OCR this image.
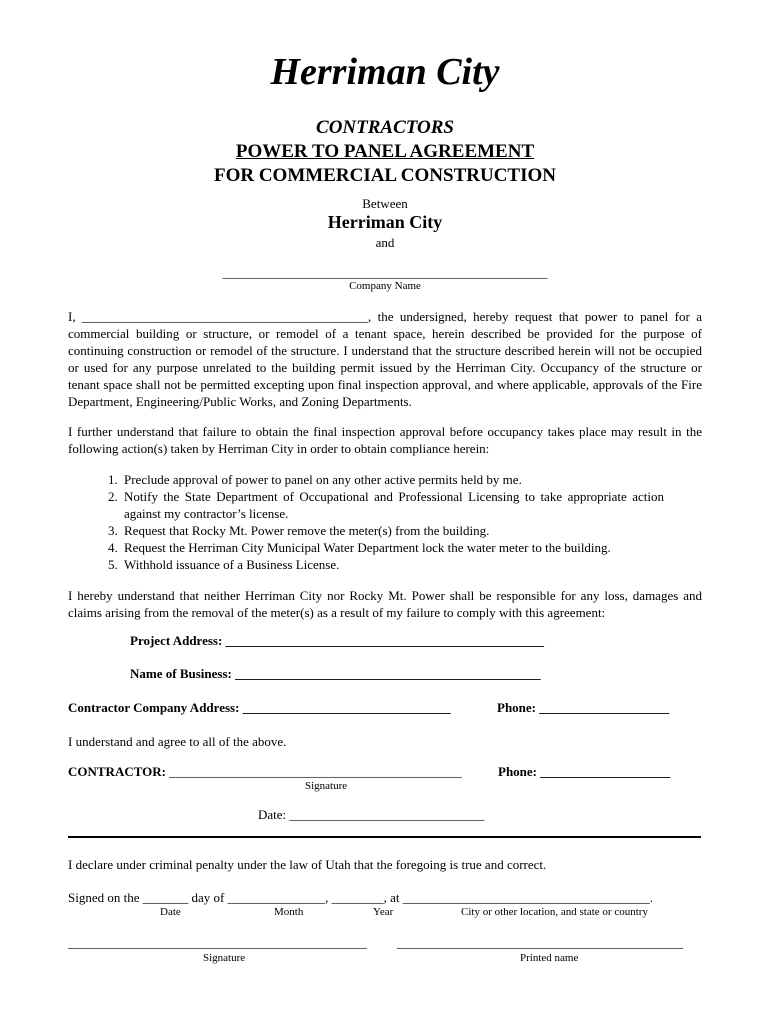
Herriman City
CONTRACTORS
POWER TO PANEL AGREEMENT
FOR COMMERCIAL CONSTRUCTION
Between
Herriman City
and
__________________________________________________
Company Name
I, ____________________________________________, the undersigned, hereby request that power to panel for a commercial building or structure, or remodel of a tenant space, herein described be provided for the purpose of continuing construction or remodel of the structure. I understand that the structure described herein will not be occupied or used for any purpose unrelated to the building permit issued by the Herriman City. Occupancy of the structure or tenant space shall not be permitted excepting upon final inspection approval, and where applicable, approvals of the Fire Department, Engineering/Public Works, and Zoning Departments.
I further understand that failure to obtain the final inspection approval before occupancy takes place may result in the following action(s) taken by Herriman City in order to obtain compliance herein:
1. Preclude approval of power to panel on any other active permits held by me.
2. Notify the State Department of Occupational and Professional Licensing to take appropriate action against my contractor’s license.
3. Request that Rocky Mt. Power remove the meter(s) from the building.
4. Request the Herriman City Municipal Water Department lock the water meter to the building.
5. Withhold issuance of a Business License.
I hereby understand that neither Herriman City nor Rocky Mt. Power shall be responsible for any loss, damages and claims arising from the removal of the meter(s) as a result of my failure to comply with this agreement:
Project Address: _________________________________________________
Name of Business: _______________________________________________
Contractor Company Address: ________________________________	Phone: ____________________
I understand and agree to all of the above.
CONTRACTOR: _____________________________________________	Phone: ____________________
Signature
Date: ______________________________
I declare under criminal penalty under the law of Utah that the foregoing is true and correct.
Signed on the _______ day of _______________, ________, at ______________________________________.
Date	Month	Year	City or other location, and state or country
______________________________________________ ____________________________________________
Signature	Printed name
